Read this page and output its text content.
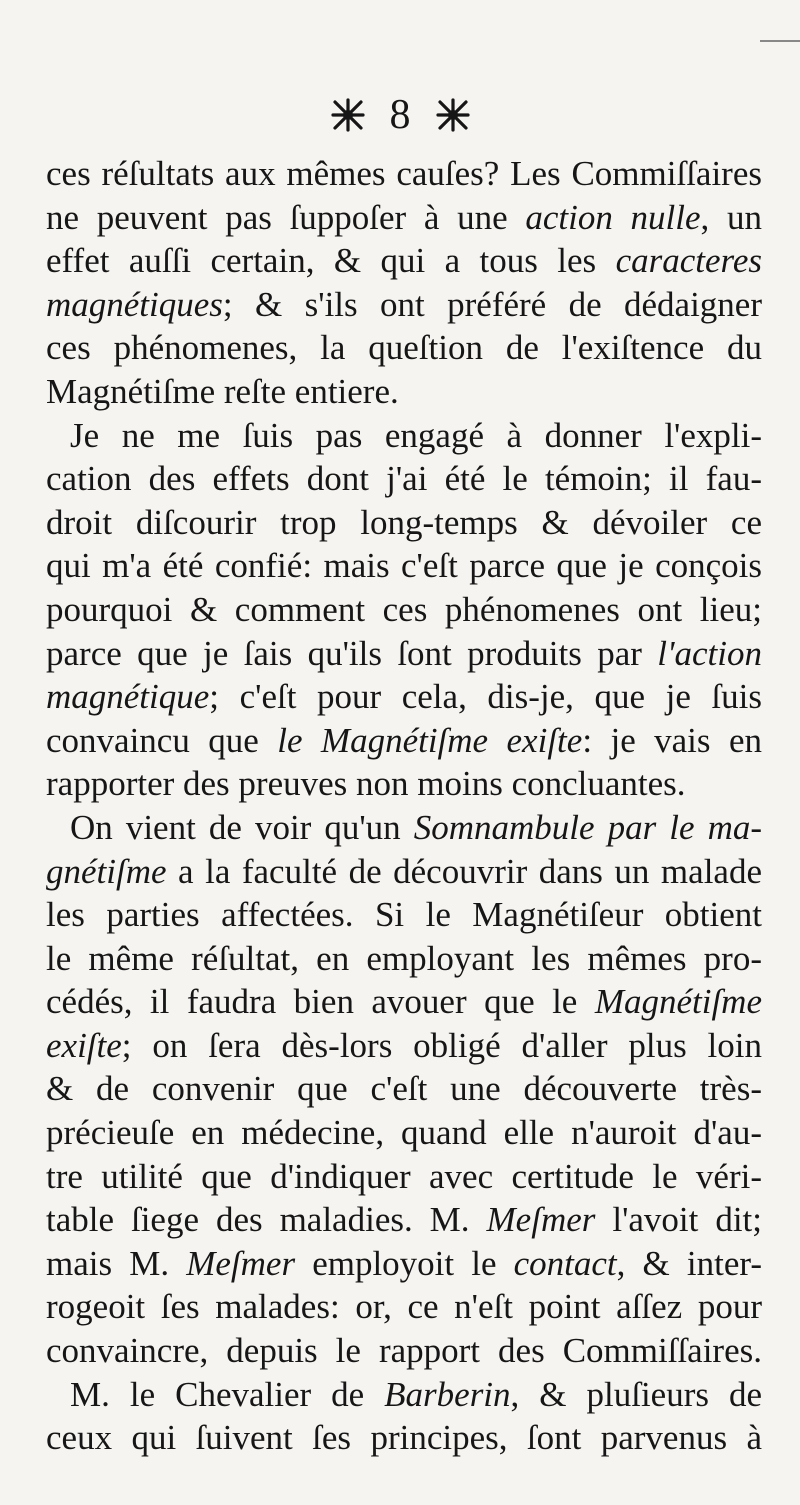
8
ces réſultats aux mêmes cauſes? Les Commiſſaires
ne peuvent pas ſuppoſer à une action nulle, un
effet auſſi certain, & qui a tous les caracteres
magnétiques; & s'ils ont préféré de dédaigner
ces phénomenes, la queſtion de l'exiſtence du
Magnétiſme reſte entiere.
Je ne me ſuis pas engagé à donner l'expli-
cation des effets dont j'ai été le témoin; il fau-
droit diſcourir trop long-temps & dévoiler ce
qui m'a été confié: mais c'eſt parce que je conçois
pourquoi & comment ces phénomenes ont lieu;
parce que je ſais qu'ils ſont produits par l'action
magnétique; c'eſt pour cela, dis-je, que je ſuis
convaincu que le Magnétiſme exiſte: je vais en
rapporter des preuves non moins concluantes.
On vient de voir qu'un Somnambule par le ma-
gnétiſme a la faculté de découvrir dans un malade
les parties affectées. Si le Magnétiſeur obtient
le même réſultat, en employant les mêmes pro-
cédés, il faudra bien avouer que le Magnétiſme
exiſte; on ſera dès-lors obligé d'aller plus loin
& de convenir que c'eſt une découverte très-
précieuſe en médecine, quand elle n'auroit d'au-
tre utilité que d'indiquer avec certitude le véri-
table ſiege des maladies. M. Meſmer l'avoit dit;
mais M. Meſmer employoit le contact, & inter-
rogeoit ſes malades: or, ce n'eſt point aſſez pour
convaincre, depuis le rapport des Commiſſaires.
M. le Chevalier de Barberin, & pluſieurs de
ceux qui ſuivent ſes principes, ſont parvenus à
